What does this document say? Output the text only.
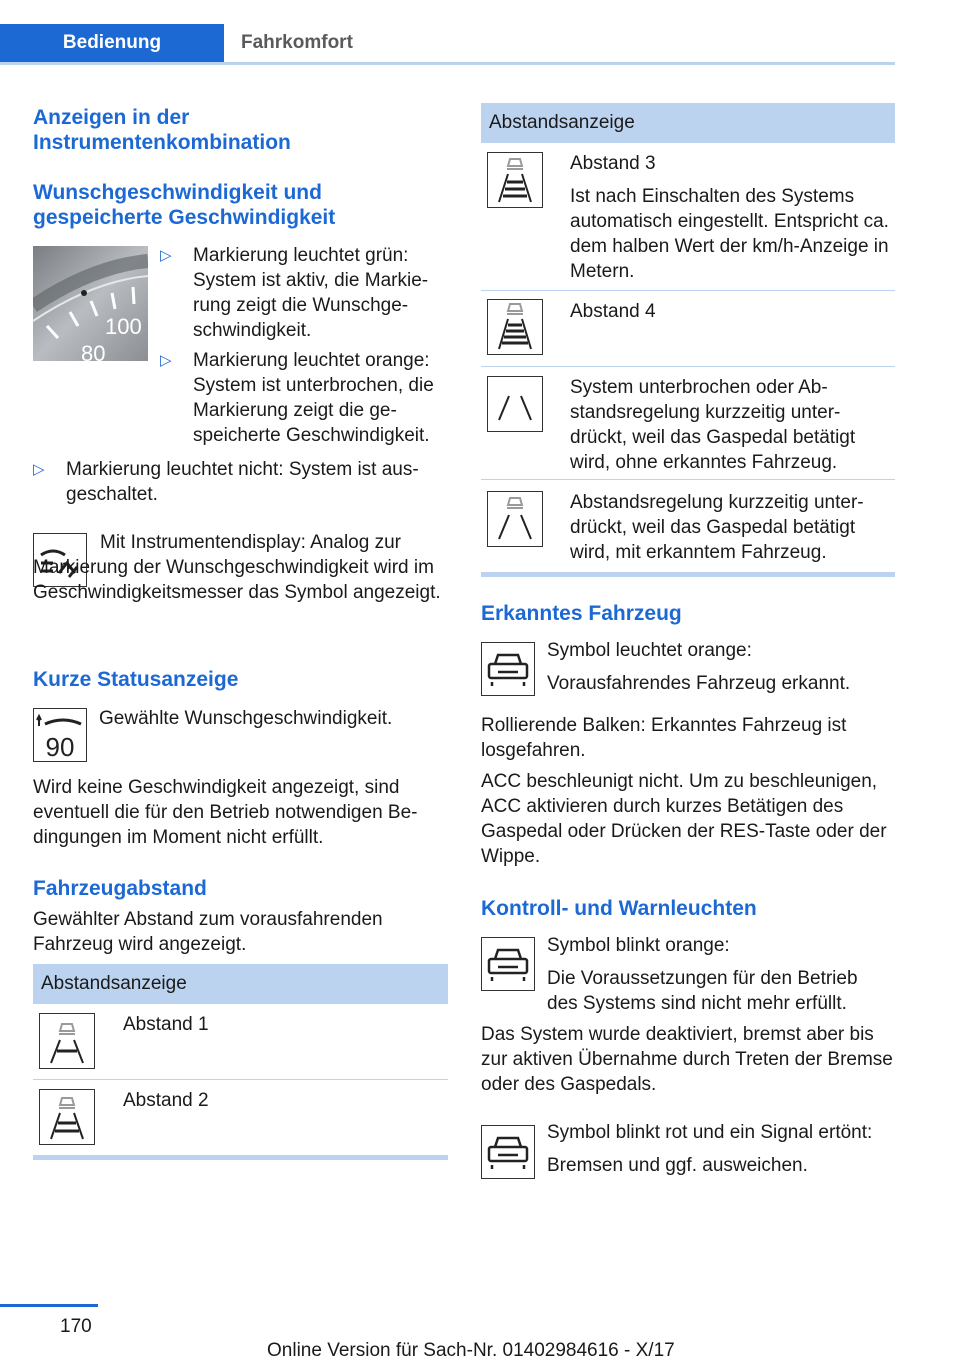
Bedienung	Fahrkomfort
Anzeigen in der Instrumentenkombination
Wunschgeschwindigkeit und gespeicherte Geschwindigkeit
100
80
▷ Markierung leuchtet grün: System ist aktiv, die Markierung zeigt die Wunschgeschwindigkeit.
▷ Markierung leuchtet orange: System ist unterbrochen, die Markierung zeigt die gespeicherte Geschwindigkeit.
▷ Markierung leuchtet nicht: System ist ausgeschaltet.

Mit Instrumentendisplay: Analog zur Markierung der Wunschgeschwindigkeit wird im Geschwindigkeitsmesser das Symbol angezeigt.

Kurze Statusanzeige
90

Gewählte Wunschgeschwindigkeit.

Wird keine Geschwindigkeit angezeigt, sind eventuell die für den Betrieb notwendigen Bedingungen im Moment nicht erfüllt.

Fahrzeugabstand

Gewählter Abstand zum vorausfahrenden Fahrzeug wird angezeigt.

Abstandsanzeige

Abstand 1

Abstand 2

Abstandsanzeige

Abstand 3

Ist nach Einschalten des Systems automatisch eingestellt. Entspricht ca. dem halben Wert der km/h-Anzeige in Metern.

Abstand 4

System unterbrochen oder Abstandsregelung kurzzeitig unterdrückt, weil das Gaspedal betätigt wird, ohne erkanntes Fahrzeug.

Abstandsregelung kurzzeitig unterdrückt, weil das Gaspedal betätigt wird, mit erkanntem Fahrzeug.

Erkanntes Fahrzeug

Symbol leuchtet orange:

Vorausfahrendes Fahrzeug erkannt.

Rollierende Balken: Erkanntes Fahrzeug ist losgefahren.

ACC beschleunigt nicht. Um zu beschleunigen, ACC aktivieren durch kurzes Betätigen des Gaspedal oder Drücken der RES-Taste oder der Wippe.

Kontroll- und Warnleuchten

Symbol blinkt orange:

Die Voraussetzungen für den Betrieb des Systems sind nicht mehr erfüllt.

Das System wurde deaktiviert, bremst aber bis zur aktiven Übernahme durch Treten der Bremse oder des Gaspedals.

Symbol blinkt rot und ein Signal ertönt:

Bremsen und ggf. ausweichen.

170
Online Version für Sach-Nr. 01402984616 - X/17
